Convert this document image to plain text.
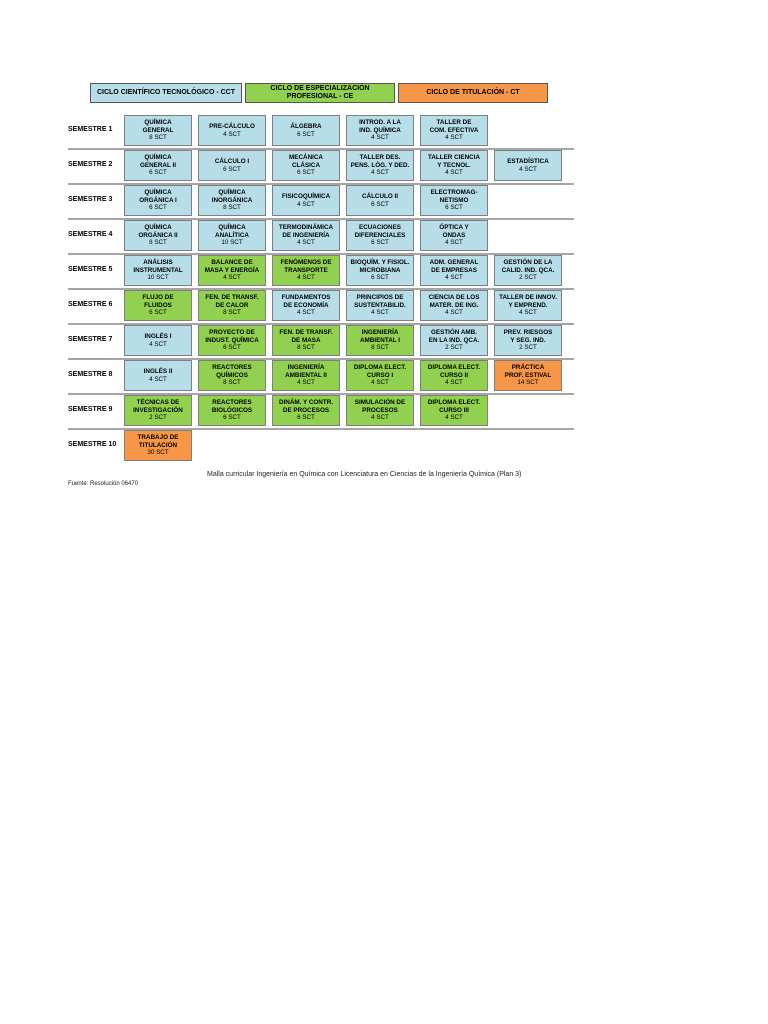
CICLO CIENTÍFICO TECNOLÓGICO - CCT
CICLO DE ESPECIALIZACIÓN
PROFESIONAL - CE
CICLO DE TITULACIÓN - CT
SEMESTRE 1
QUÍMICA
GENERAL
8 SCT
PRE-CÁLCULO
4 SCT
ÁLGEBRA
6 SCT
INTROD. A LA
IND. QUÍMICA
4 SCT
TALLER DE
COM. EFECTIVA
4 SCT
SEMESTRE 2
QUÍMICA
GENERAL II
6 SCT
CÁLCULO I
6 SCT
MECÁNICA
CLÁSICA
6 SCT
TALLER DES.
PENS. LÓG. Y DED.
4 SCT
TALLER CIENCIA
Y TECNOL.
4 SCT
ESTADÍSTICA
4 SCT
SEMESTRE 3
QUÍMICA
ORGÁNICA I
6 SCT
QUÍMICA
INORGÁNICA
8 SCT
FISICOQUÍMICA
4 SCT
CÁLCULO II
6 SCT
ELECTROMAG-
NETISMO
6 SCT
SEMESTRE 4
QUÍMICA
ORGÁNICA II
8 SCT
QUÍMICA
ANALÍTICA
10 SCT
TERMODINÁMICA
DE INGENIERÍA
4 SCT
ECUACIONES
DIFERENCIALES
6 SCT
ÓPTICA Y
ONDAS
4 SCT
SEMESTRE 5
ANÁLISIS
INSTRUMENTAL
10 SCT
BALANCE DE
MASA Y ENERGÍA
4 SCT
FENÓMENOS DE
TRANSPORTE
4 SCT
BIOQUÍM. Y FISIOL.
MICROBIANA
6 SCT
ADM. GENERAL
DE EMPRESAS
4 SCT
GESTIÓN DE LA
CALID. IND. QCA.
2 SCT
SEMESTRE 6
FLUJO DE
FLUIDOS
6 SCT
FEN. DE TRANSF.
DE CALOR
8 SCT
FUNDAMENTOS
DE ECONOMÍA
4 SCT
PRINCIPIOS DE
SUSTENTABILID.
4 SCT
CIENCIA DE LOS
MATER. DE ING.
4 SCT
TALLER DE INNOV.
Y EMPREND.
4 SCT
SEMESTRE 7	INGLÉS I
4 SCT
PROYECTO DE
INDUST. QUÍMICA
6 SCT
FEN. DE TRANSF.
DE MASA
8 SCT
INGENIERÍA
AMBIENTAL I
8 SCT
GESTIÓN AMB.
EN LA IND. QCA.
2 SCT
PREV. RIESGOS
Y SEG. IND.
2 SCT
SEMESTRE 8	INGLÉS II
4 SCT
REACTORES
QUÍMICOS
8 SCT
INGENIERÍA
AMBIENTAL II
4 SCT
DIPLOMA ELECT.
CURSO I
4 SCT
DIPLOMA ELECT.
CURSO II
4 SCT
PRÁCTICA
PROF. ESTIVAL
14 SCT
SEMESTRE 9
TÉCNICAS DE
INVESTIGACIÓN
2 SCT
REACTORES
BIOLÓGICOS
6 SCT
DINÁM. Y CONTR.
DE PROCESOS
6 SCT
SIMULACIÓN DE
PROCESOS
4 SCT
DIPLOMA ELECT.
CURSO III
4 SCT
SEMESTRE 10
TRABAJO DE
TITULACIÓN
30 SCT
Malla curricular Ingeniería en Química con Licenciatura en Ciencias de la Ingeniería Química (Plan 3)
Fuente: Resolución 06470
